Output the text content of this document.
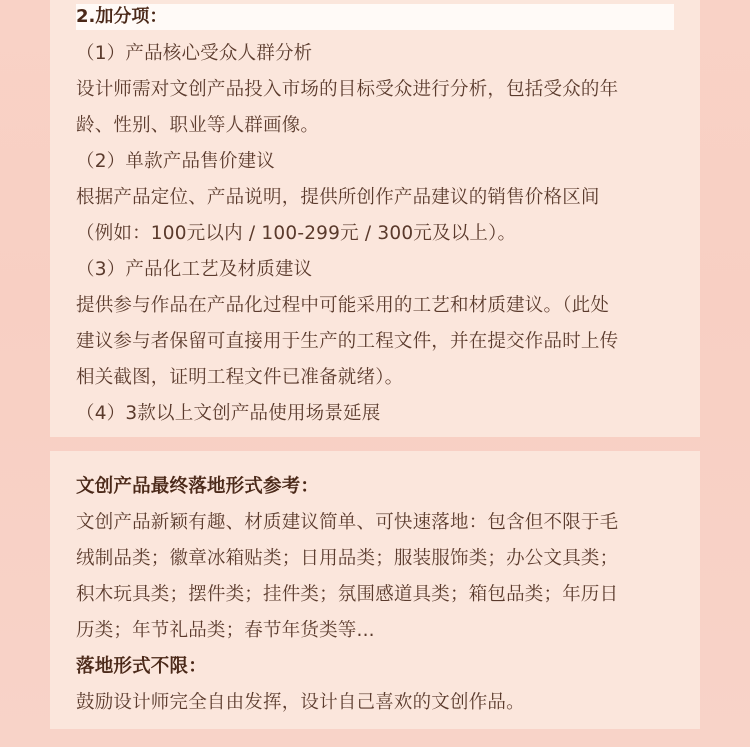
2.加分项：
（1）产品核心受众人群分析
设计师需对文创产品投入市场的目标受众进行分析，包括受众的年
龄、性别、职业等人群画像。
（2）单款产品售价建议
根据产品定位、产品说明，提供所创作产品建议的销售价格区间
（例如：100元以内 / 100-299元 / 300元及以上）。
（3）产品化工艺及材质建议
提供参与作品在产品化过程中可能采用的工艺和材质建议。（此处
建议参与者保留可直接用于生产的工程文件，并在提交作品时上传
相关截图，证明工程文件已准备就绪）。
（4）3款以上文创产品使用场景延展
文创产品最终落地形式参考：
文创产品新颖有趣、材质建议简单、可快速落地：包含但不限于毛
绒制品类；徽章冰箱贴类；日用品类；服装服饰类；办公文具类；
积木玩具类；摆件类；挂件类；氛围感道具类；箱包品类；年历日
历类；年节礼品类；春节年货类等...
落地形式不限：
鼓励设计师完全自由发挥，设计自己喜欢的文创作品。
